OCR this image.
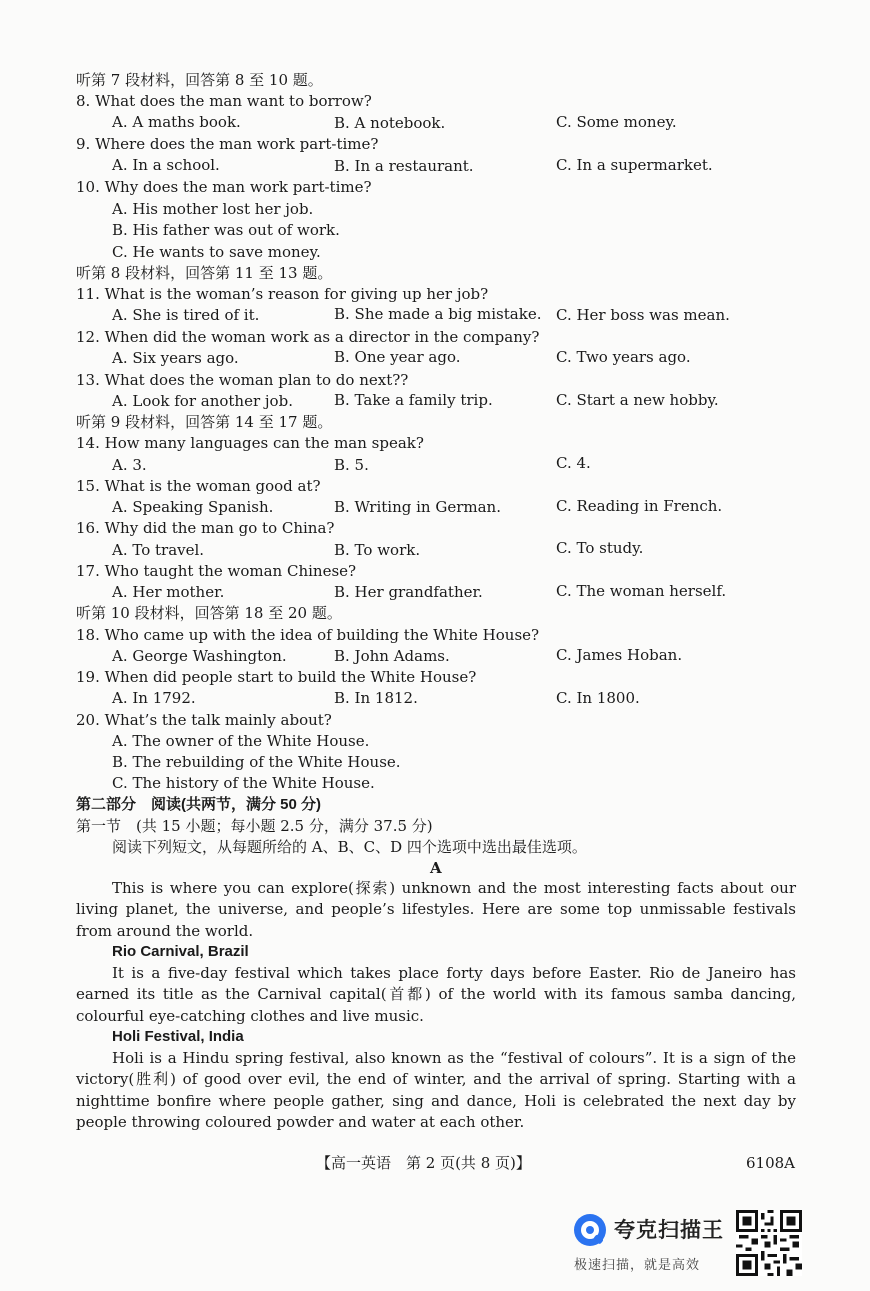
听第 7 段材料，回答第 8 至 10 题。
8. What does the man want to borrow?
A. A maths book.	B. A notebook.	C. Some money.
9. Where does the man work part-time?
A. In a school.	B. In a restaurant.	C. In a supermarket.
10. Why does the man work part-time?
A. His mother lost her job.
B. His father was out of work.
C. He wants to save money.
听第 8 段材料，回答第 11 至 13 题。
11. What is the woman’s reason for giving up her job?
A. She is tired of it.	B. She made a big mistake. C. Her boss was mean.
12. When did the woman work as a director in the company?
A. Six years ago.	B. One year ago.	C. Two years ago.
13. What does the woman plan to do next??
A. Look for another job.	B. Take a family trip.	C. Start a new hobby.
听第 9 段材料，回答第 14 至 17 题。
14. How many languages can the man speak?
A. 3.	B. 5.	C. 4.
15. What is the woman good at?
A. Speaking Spanish.	B. Writing in German.	C. Reading in French.
16. Why did the man go to China?
A. To travel.	B. To work.	C. To study.
17. Who taught the woman Chinese?
A. Her mother.	B. Her grandfather.	C. The woman herself.
听第 10 段材料，回答第 18 至 20 题。
18. Who came up with the idea of building the White House?
A. George Washington.	B. John Adams.	C. James Hoban.
19. When did people start to build the White House?
A. In 1792.	B. In 1812.	C. In 1800.
20. What’s the talk mainly about?
A. The owner of the White House.
B. The rebuilding of the White House.
C. The history of the White House.
第二部分　阅读(共两节，满分 50 分)
第一节　(共 15 小题；每小题 2.5 分，满分 37.5 分)
阅读下列短文，从每题所给的 A、B、C、D 四个选项中选出最佳选项。
A
This is where you can explore(探索) unknown and the most interesting facts about our living planet, the universe, and people’s lifestyles. Here are some top unmissable festivals from around the world.
Rio Carnival, Brazil
It is a five-day festival which takes place forty days before Easter. Rio de Janeiro has earned its title as the Carnival capital(首都) of the world with its famous samba dancing, colourful eye-catching clothes and live music.
Holi Festival, India
Holi is a Hindu spring festival, also known as the “festival of colours”. It is a sign of the victory(胜利) of good over evil, the end of winter, and the arrival of spring. Starting with a nighttime bonfire where people gather, sing and dance, Holi is celebrated the next day by people throwing coloured powder and water at each other.
【高一英语　第 2 页(共 8 页)】	6108A
夸克扫描王
极速扫描，就是高效
